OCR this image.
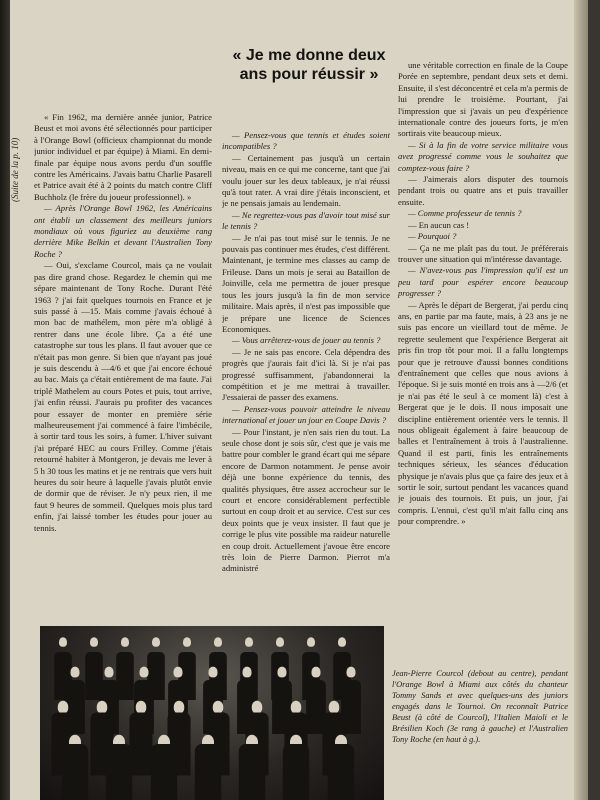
(Suite de la p. 10)
« Je me donne deux ans pour réussir »

« Fin 1962, ma dernière année junior, Patrice Beust et moi avons été sélectionnés pour participer à l'Orange Bowl (officieux championnat du monde junior individuel et par équipe) à Miami. En demi-finale par équipe nous avons perdu d'un souffle contre les Américains. J'avais battu Charlie Pasarell et Patrice avait été à 2 points du match contre Cliff Buchholz (le frère du joueur professionnel). »

— Après l'Orange Bowl 1962, les Américains ont établi un classement des meilleurs juniors mondiaux où vous figuriez au deuxième rang derrière Mike Belkin et devant l'Australien Tony Roche ?

— Oui, s'exclame Courcol, mais ça ne voulait pas dire grand chose. Regardez le chemin qui me sépare maintenant de Tony Roche. Durant l'été 1963 ? j'ai fait quelques tournois en France et je suis passé à —15. Mais comme j'avais échoué à mon bac de mathélem, mon père m'a obligé à rentrer dans une école libre. Ça a été une catastrophe sur tous les plans. Il faut avouer que ce n'était pas mon genre. Si bien que n'ayant pas joué je suis descendu à —4/6 et que j'ai encore échoué au bac. Mais ça c'était entièrement de ma faute. J'ai triplé Mathelem au cours Potes et puis, tout arrive, j'ai enfin réussi. J'aurais pu profiter des vacances pour essayer de monter en première série malheureusement j'ai commencé à faire l'imbécile, à sortir tard tous les soirs, à fumer. L'hiver suivant j'ai préparé HEC au cours Frilley. Comme j'étais retourné habiter à Montgeron, je devais me lever à 5 h 30 tous les matins et je ne rentrais que vers huit heures du soir heure à laquelle j'avais plutôt envie de dormir que de réviser. Je n'y peux rien, il me faut 9 heures de sommeil. Quelques mois plus tard enfin, j'ai laissé tomber les études pour jouer au tennis.

— Pensez-vous que tennis et études soient incompatibles ?

— Certainement pas jusqu'à un certain niveau, mais en ce qui me concerne, tant que j'ai voulu jouer sur les deux tableaux, je n'ai réussi qu'à tout rater. A vrai dire j'étais inconscient, et je ne pensais jamais au lendemain.

— Ne regrettez-vous pas d'avoir tout misé sur le tennis ?

— Je n'ai pas tout misé sur le tennis. Je ne pouvais pas continuer mes études, c'est différent. Maintenant, je termine mes classes au camp de Frileuse. Dans un mois je serai au Bataillon de Joinville, cela me permettra de jouer presque tous les jours jusqu'à la fin de mon service militaire. Mais après, il n'est pas impossible que je prépare une licence de Sciences Economiques.

— Vous arrêterez-vous de jouer au tennis ?

— Je ne sais pas encore. Cela dépendra des progrès que j'aurais fait d'ici là. Si je n'ai pas progressé suffisamment, j'abandonnerai la compétition et je me mettrai à travailler. J'essaierai de passer des examens.

— Pensez-vous pouvoir atteindre le niveau international et jouer un jour en Coupe Davis ?

— Pour l'instant, je n'en sais rien du tout. La seule chose dont je sois sûr, c'est que je vais me battre pour combler le grand écart qui me sépare encore de Darmon notamment. Je pense avoir déjà une bonne expérience du tennis, des qualités physiques, être assez accrocheur sur le court et encore considérablement perfectible surtout en coup droit et au service. C'est sur ces deux points que je veux insister. Il faut que je corrige le plus vite possible ma raideur naturelle en coup droit. Actuellement j'avoue être encore très loin de Pierre Darmon. Pierrot m'a administré

une véritable correction en finale de la Coupe Porée en septembre, pendant deux sets et demi. Ensuite, il s'est déconcentré et cela m'a permis de lui prendre le troisième. Pourtant, j'ai l'impression que si j'avais un peu d'expérience internationale contre des joueurs forts, je m'en sortirais vite beaucoup mieux.

— Si à la fin de votre service militaire vous avez progressé comme vous le souhaitez que comptez-vous faire ?

— J'aimerais alors disputer des tournois pendant trois ou quatre ans et puis travailler ensuite.

— Comme professeur de tennis ?

— En aucun cas !

— Pourquoi ?

— Ça ne me plaît pas du tout. Je préférerais trouver une situation qui m'intéresse davantage.

— N'avez-vous pas l'impression qu'il est un peu tard pour espérer encore beaucoup progresser ?

— Après le départ de Bergerat, j'ai perdu cinq ans, en partie par ma faute, mais, à 23 ans je ne suis pas encore un vieillard tout de même. Je regrette seulement que l'expérience Bergerat ait pris fin trop tôt pour moi. Il a fallu longtemps pour que je retrouve d'aussi bonnes conditions d'entraînement que celles que nous avions à l'époque. Si je suis monté en trois ans à —2/6 (et je n'ai pas été le seul à ce moment là) c'est à Bergerat que je le dois. Il nous imposait une discipline entièrement orientée vers le tennis. Il nous obligeait également à faire beaucoup de balles et l'entraînement à trois à l'australienne. Quand il est parti, finis les entraînements techniques sérieux, les séances d'éducation physique je n'avais plus que ça faire des jeux et à sortir le soir, surtout pendant les vacances quand je jouais des tournois. Et puis, un jour, j'ai compris. L'ennui, c'est qu'il m'ait fallu cinq ans pour comprendre. »

Jean-Pierre Courcol (debout au centre), pendant l'Orange Bowl à Miami aux côtés du chanteur Tommy Sands et avec quelques-uns des juniors engagés dans le Tournoi. On reconnaît Patrice Beust (à côté de Courcol), l'Italien Maioli et le Brésilien Koch (3e rang à gauche) et l'Australien Tony Roche (en haut à g.).
